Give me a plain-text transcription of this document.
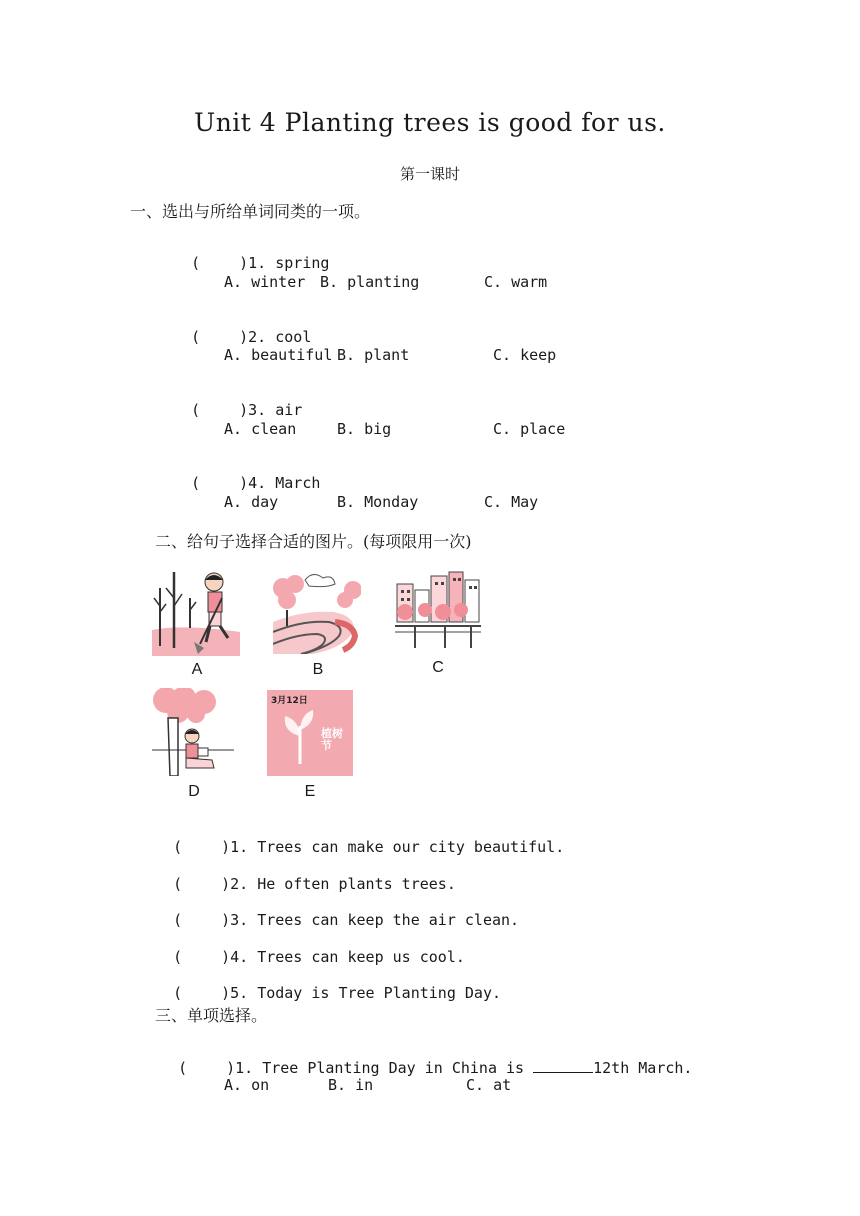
Unit 4 Planting trees is good for us.
第一课时
一、选出与所给单词同类的一项。

(	)1. spring

A. winter B. planting	C. warm

(	)2. cool

A. beautiful B. plant	C. keep

(	)3. air

A. clean	B. big	C. place

(	)4. March

A. day	B. Monday	C. May
二、给句子选择合适的图片。(每项限用一次)
A	B	C
D
3月12日
植树节
E

(	)1. Trees can make our city beautiful.

(	)2. He often plants trees.

(	)3. Trees can keep the air clean.

(	)4. Trees can keep us cool.

(	)5. Today is Tree Planting Day.

三、单项选择。

(	)1. Tree Planting Day in China is	12th March.

A. on	B. in	C. at
